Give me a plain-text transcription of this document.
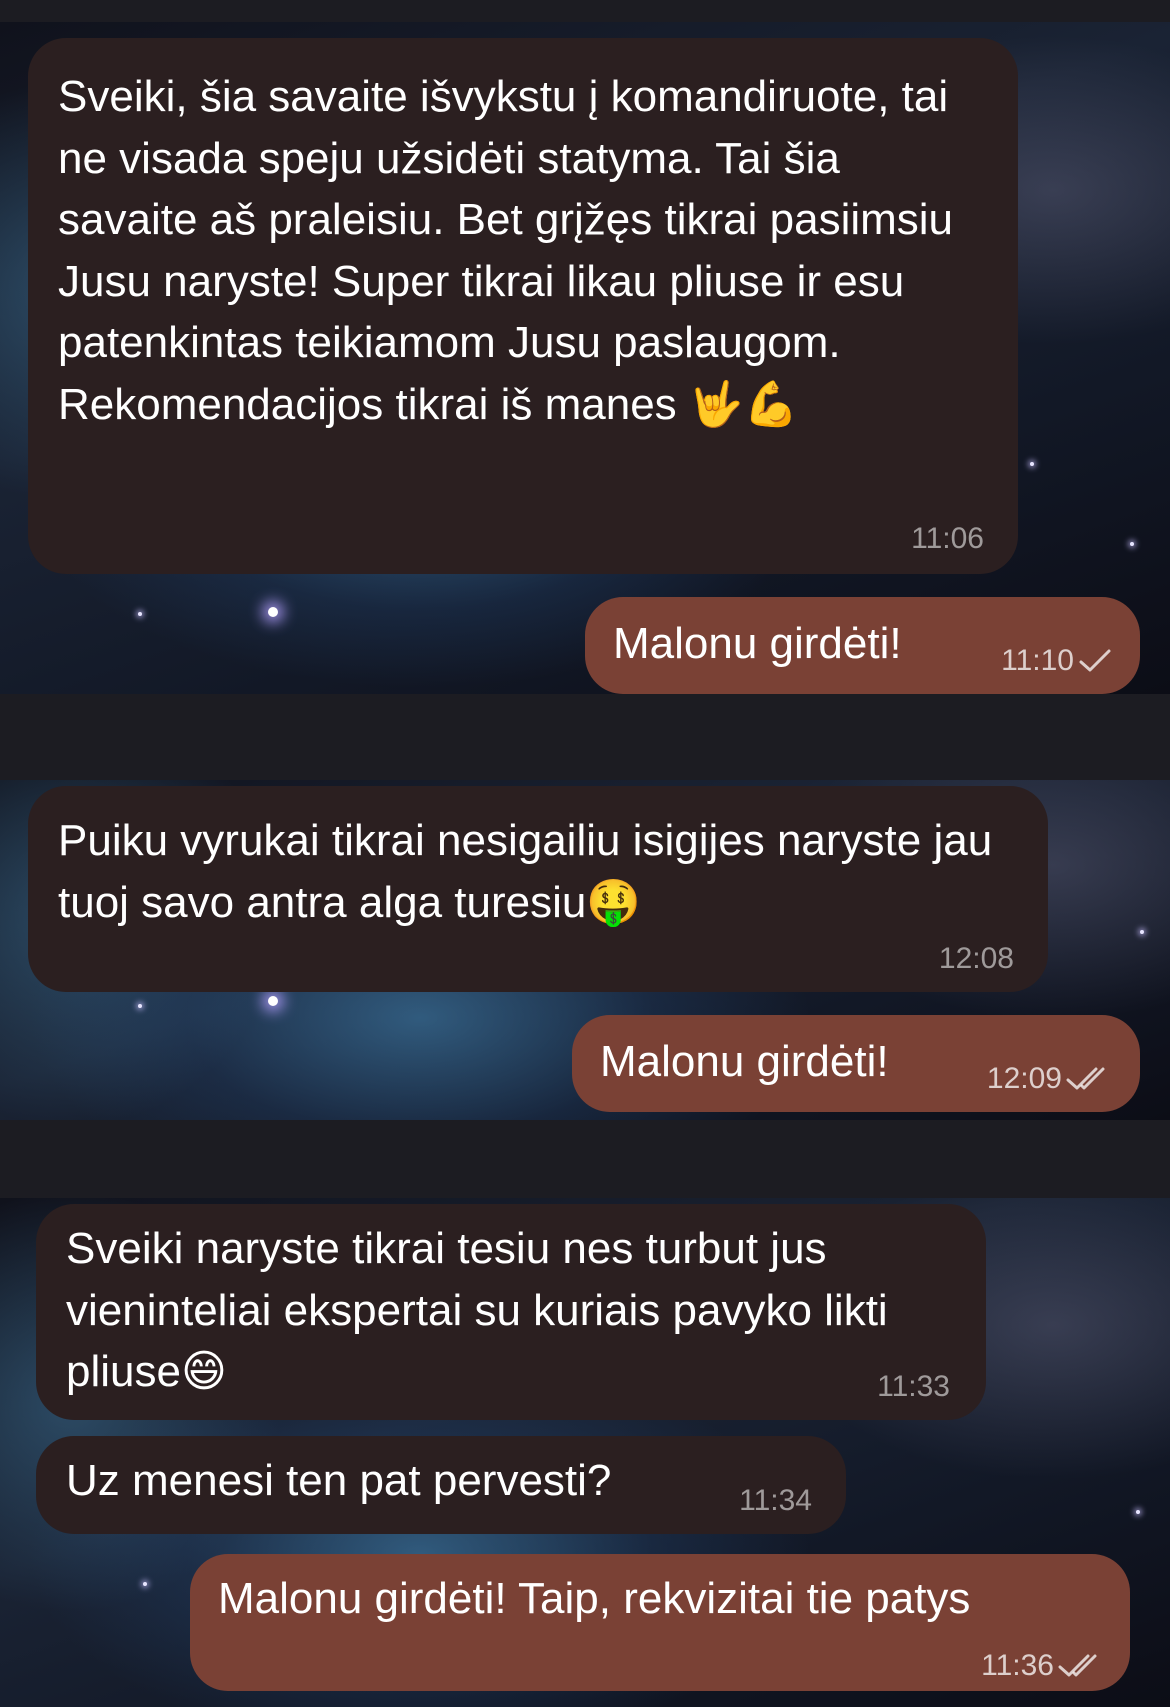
Sveiki, šia savaite išvykstu į komandiruote, tai ne visada speju užsidėti statyma. Tai šia savaite aš praleisiu. Bet grįžęs tikrai pasiimsiu Jusu naryste! Super tikrai likau pliuse ir esu patenkintas teikiamom Jusu paslaugom. Rekomendacijos tikrai iš manes 🤟💪
11:06
Malonu girdėti!	11:10
Puiku vyrukai tikrai nesigailiu isigijes naryste jau tuoj savo antra alga turesiu🤑
12:08
Malonu girdėti!	12:09
Sveiki naryste tikrai tesiu nes turbut jus vieninteliai ekspertai su kuriais pavyko likti pliuse😄	11:33
Uz menesi ten pat pervesti?	11:34
Malonu girdėti! Taip, rekvizitai tie patys
11:36
